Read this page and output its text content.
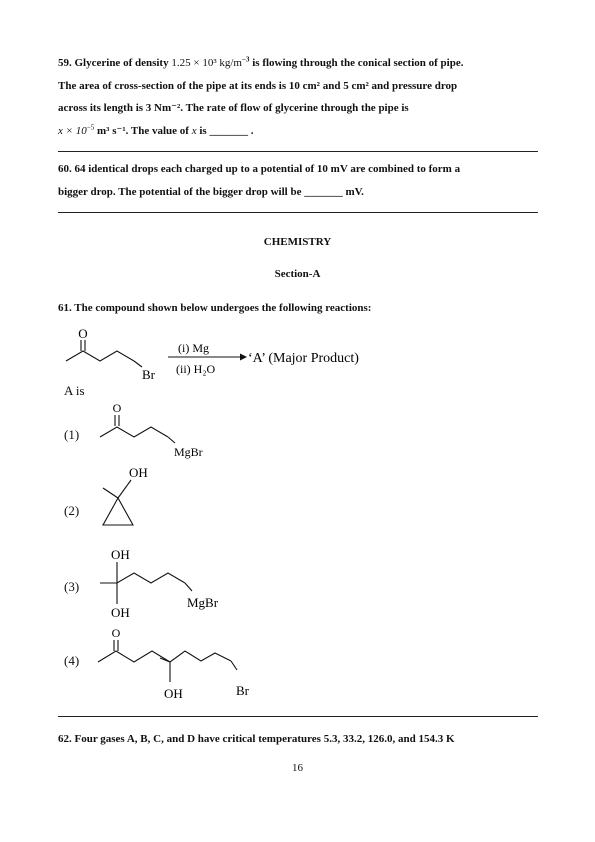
59. Glycerine of density 1.25 × 10³ $kg/m^{-3}$ is flowing through the conical section of pipe.
The area of cross-section of the pipe at its ends is 10 cm² and 5 cm² and pressure drop
across its length is 3 Nm⁻². The rate of flow of glycerine through the pipe is
$x \times 10^{-5}$ m³ s⁻¹. The value of x is _______ .
60. 64 identical drops each charged up to a potential of 10 mV are combined to form a
bigger drop. The potential of the bigger drop will be _______ mV.
CHEMISTRY
Section-A
61. The compound shown below undergoes the following reactions:
O
Br
(i) Mg
(ii) H₂O
‘A’ (Major Product)
A is
(1)
O
MgBr
(2)
OH
(3)
OH
MgBr
OH
(4)
O
OH	Br
62. Four gases A, B, C, and D have critical temperatures 5.3, 33.2, 126.0, and 154.3 K
16
